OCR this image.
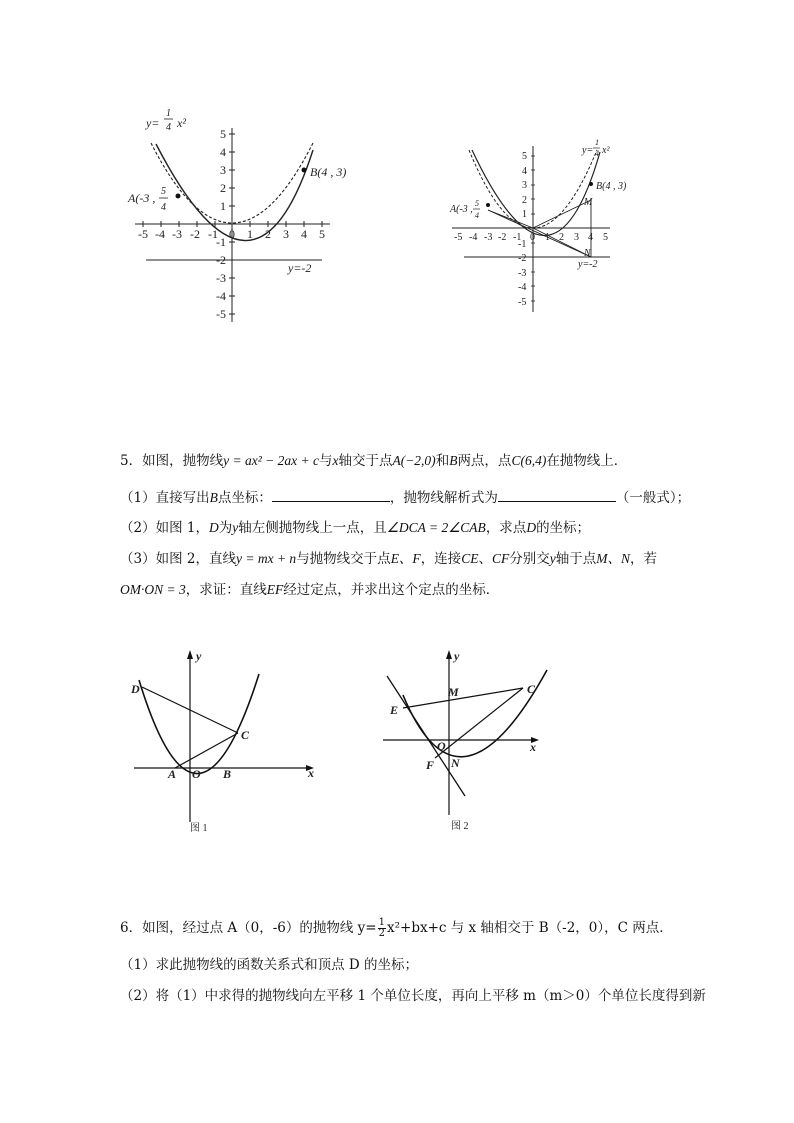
-5 -4 -3 -2 -1 0 1 2 3 4 5
5
4
3
2
1
-1
-2
-3
-4
-5
y=
1
4 x²
A(-3 , 5
4
B(4 , 3)
y=-2
-5 -4 -3 -2 -1 0 1 2 3 4 5
5
4
3
2
1
-1
-2
-3
-4
-5
y=
1
4 x²
A(-3 ,
5
4
B(4 , 3)
M
N
y=-2
5．如图，抛物线y = ax² − 2ax + c与x轴交于点A(−2,0)和B两点，点C(6,4)在抛物线上．
（1）直接写出B点坐标：	，抛物线解析式为	（一般式）；
（2）如图 1，D为y轴左侧抛物线上一点，且∠DCA = 2∠CAB，求点D的坐标；
（3）如图 2，直线y = mx + n与抛物线交于点E、F，连接CE、CF分别交y轴于点M、N，若
OM·ON = 3，求证：直线EF经过定点，并求出这个定点的坐标．
y
x
D
C
A O B
图 1
y
x
M	C
E
O
N
F
图 2
6．如图，经过点 A（0，-6）的抛物线 $y= \frac{1}{2} x^2+bx+c$ 与 x 轴相交于 B（-2，0），C 两点．
（1）求此抛物线的函数关系式和顶点 D 的坐标；
（2）将（1）中求得的抛物线向左平移 1 个单位长度，再向上平移 m（m＞0）个单位长度得到新
